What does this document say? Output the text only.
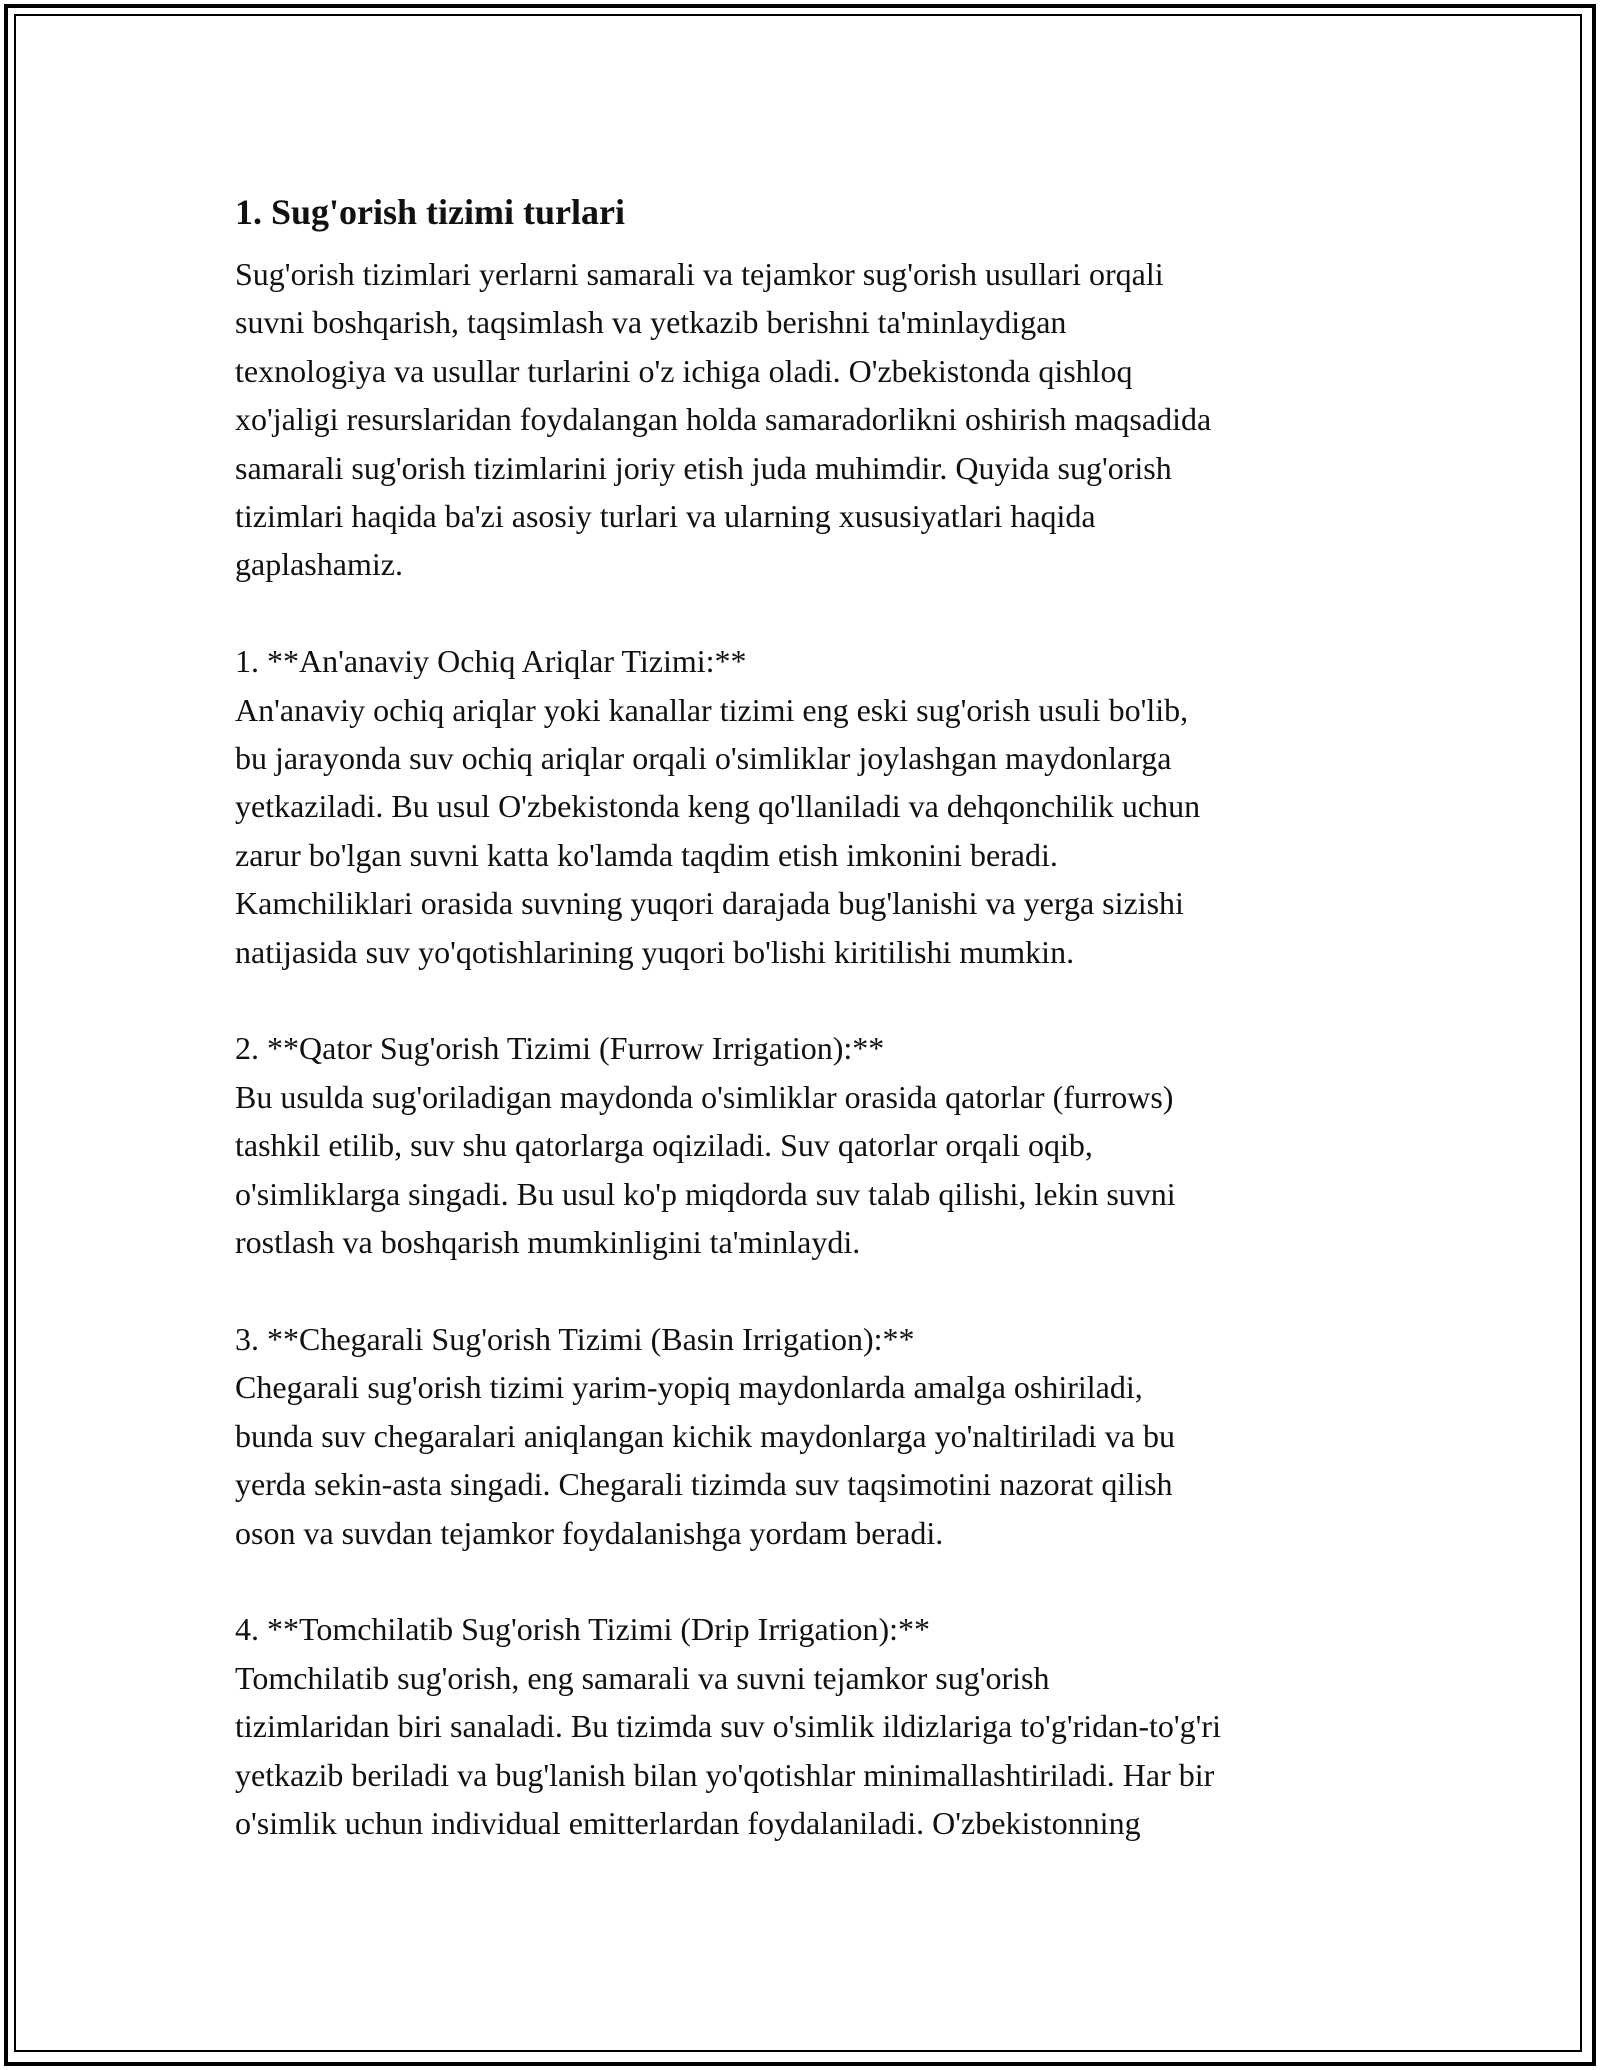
1. Sug'orish tizimi turlari

Sug'orish tizimlari yerlarni samarali va tejamkor sug'orish usullari orqali
suvni boshqarish, taqsimlash va yetkazib berishni ta'minlaydigan
texnologiya va usullar turlarini o'z ichiga oladi. O'zbekistonda qishloq
xo'jaligi resurslaridan foydalangan holda samaradorlikni oshirish maqsadida
samarali sug'orish tizimlarini joriy etish juda muhimdir. Quyida sug'orish
tizimlari haqida ba'zi asosiy turlari va ularning xususiyatlari haqida
gaplashamiz.

1. **An'anaviy Ochiq Ariqlar Tizimi:**

An'anaviy ochiq ariqlar yoki kanallar tizimi eng eski sug'orish usuli bo'lib,
bu jarayonda suv ochiq ariqlar orqali o'simliklar joylashgan maydonlarga
yetkaziladi. Bu usul O'zbekistonda keng qo'llaniladi va dehqonchilik uchun
zarur bo'lgan suvni katta ko'lamda taqdim etish imkonini beradi.
Kamchiliklari orasida suvning yuqori darajada bug'lanishi va yerga sizishi
natijasida suv yo'qotishlarining yuqori bo'lishi kiritilishi mumkin.

2. **Qator Sug'orish Tizimi (Furrow Irrigation):**

Bu usulda sug'oriladigan maydonda o'simliklar orasida qatorlar (furrows)
tashkil etilib, suv shu qatorlarga oqiziladi. Suv qatorlar orqali oqib,
o'simliklarga singadi. Bu usul ko'p miqdorda suv talab qilishi, lekin suvni
rostlash va boshqarish mumkinligini ta'minlaydi.

3. **Chegarali Sug'orish Tizimi (Basin Irrigation):**

Chegarali sug'orish tizimi yarim-yopiq maydonlarda amalga oshiriladi,
bunda suv chegaralari aniqlangan kichik maydonlarga yo'naltiriladi va bu
yerda sekin-asta singadi. Chegarali tizimda suv taqsimotini nazorat qilish
oson va suvdan tejamkor foydalanishga yordam beradi.

4. **Tomchilatib Sug'orish Tizimi (Drip Irrigation):**

Tomchilatib sug'orish, eng samarali va suvni tejamkor sug'orish
tizimlaridan biri sanaladi. Bu tizimda suv o'simlik ildizlariga to'g'ridan-to'g'ri
yetkazib beriladi va bug'lanish bilan yo'qotishlar minimallashtiriladi. Har bir
o'simlik uchun individual emitterlardan foydalaniladi. O'zbekistonning
